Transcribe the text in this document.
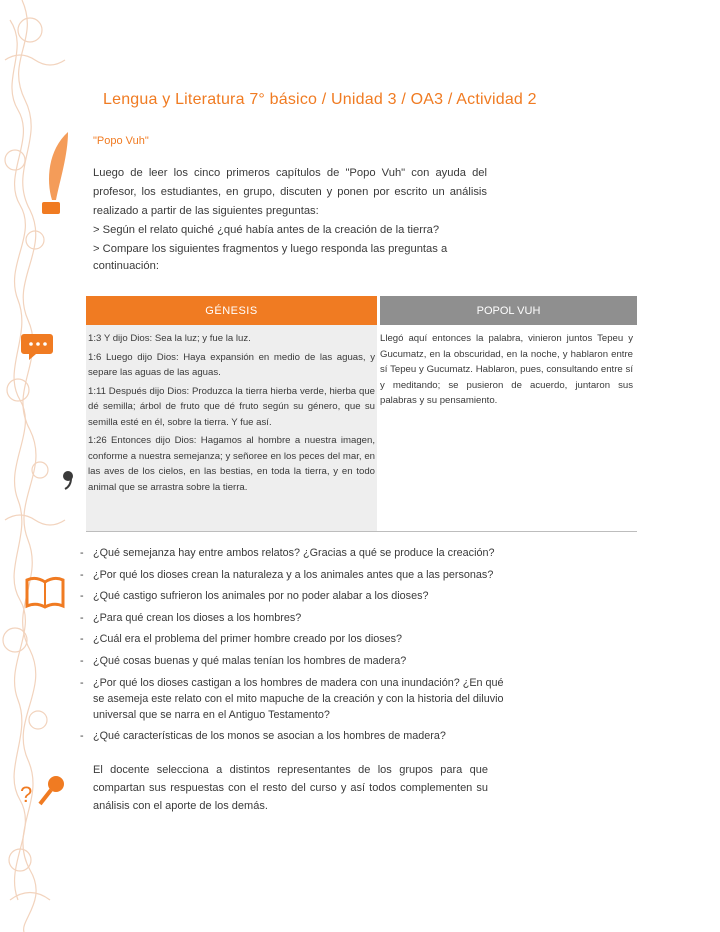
?
Lengua y Literatura 7° básico / Unidad 3 / OA3 / Actividad 2
"Popo Vuh"

Luego de leer los cinco primeros capítulos de "Popo Vuh" con ayuda del profesor, los estudiantes, en grupo, discuten y ponen por escrito un análisis realizado a partir de las siguientes preguntas:

> Según el relato quiché ¿qué había antes de la creación de la tierra?
> Compare los siguientes fragmentos y luego responda las preguntas a continuación:
GÉNESIS	POPOL VUH

1:3 Y dijo Dios: Sea la luz; y fue la luz.

1:6 Luego dijo Dios: Haya expansión en medio de las aguas, y separe las aguas de las aguas.

1:11 Después dijo Dios: Produzca la tierra hierba verde, hierba que dé semilla; árbol de fruto que dé fruto según su género, que su semilla esté en él, sobre la tierra. Y fue así.

1:26 Entonces dijo Dios: Hagamos al hombre a nuestra imagen, conforme a nuestra semejanza; y señoree en los peces del mar, en las aves de los cielos, en las bestias, en toda la tierra, y en todo animal que se arrastra sobre la tierra.

Llegó aquí entonces la palabra, vinieron juntos Tepeu y Gucumatz, en la obscuridad, en la noche, y hablaron entre sí Tepeu y Gucumatz. Hablaron, pues, consultando entre sí y meditando; se pusieron de acuerdo, juntaron sus palabras y su pensamiento.
- ¿Qué semejanza hay entre ambos relatos? ¿Gracias a qué se produce la creación?
- ¿Por qué los dioses crean la naturaleza y a los animales antes que a las personas?
- ¿Qué castigo sufrieron los animales por no poder alabar a los dioses?
- ¿Para qué crean los dioses a los hombres?
- ¿Cuál era el problema del primer hombre creado por los dioses?
- ¿Qué cosas buenas y qué malas tenían los hombres de madera?
- ¿Por qué los dioses castigan a los hombres de madera con una inundación? ¿En qué se asemeja este relato con el mito mapuche de la creación y con la historia del diluvio universal que se narra en el Antiguo Testamento?
- ¿Qué características de los monos se asocian a los hombres de madera?

El docente selecciona a distintos representantes de los grupos para que compartan sus respuestas con el resto del curso y así todos complementen su análisis con el aporte de los demás.
